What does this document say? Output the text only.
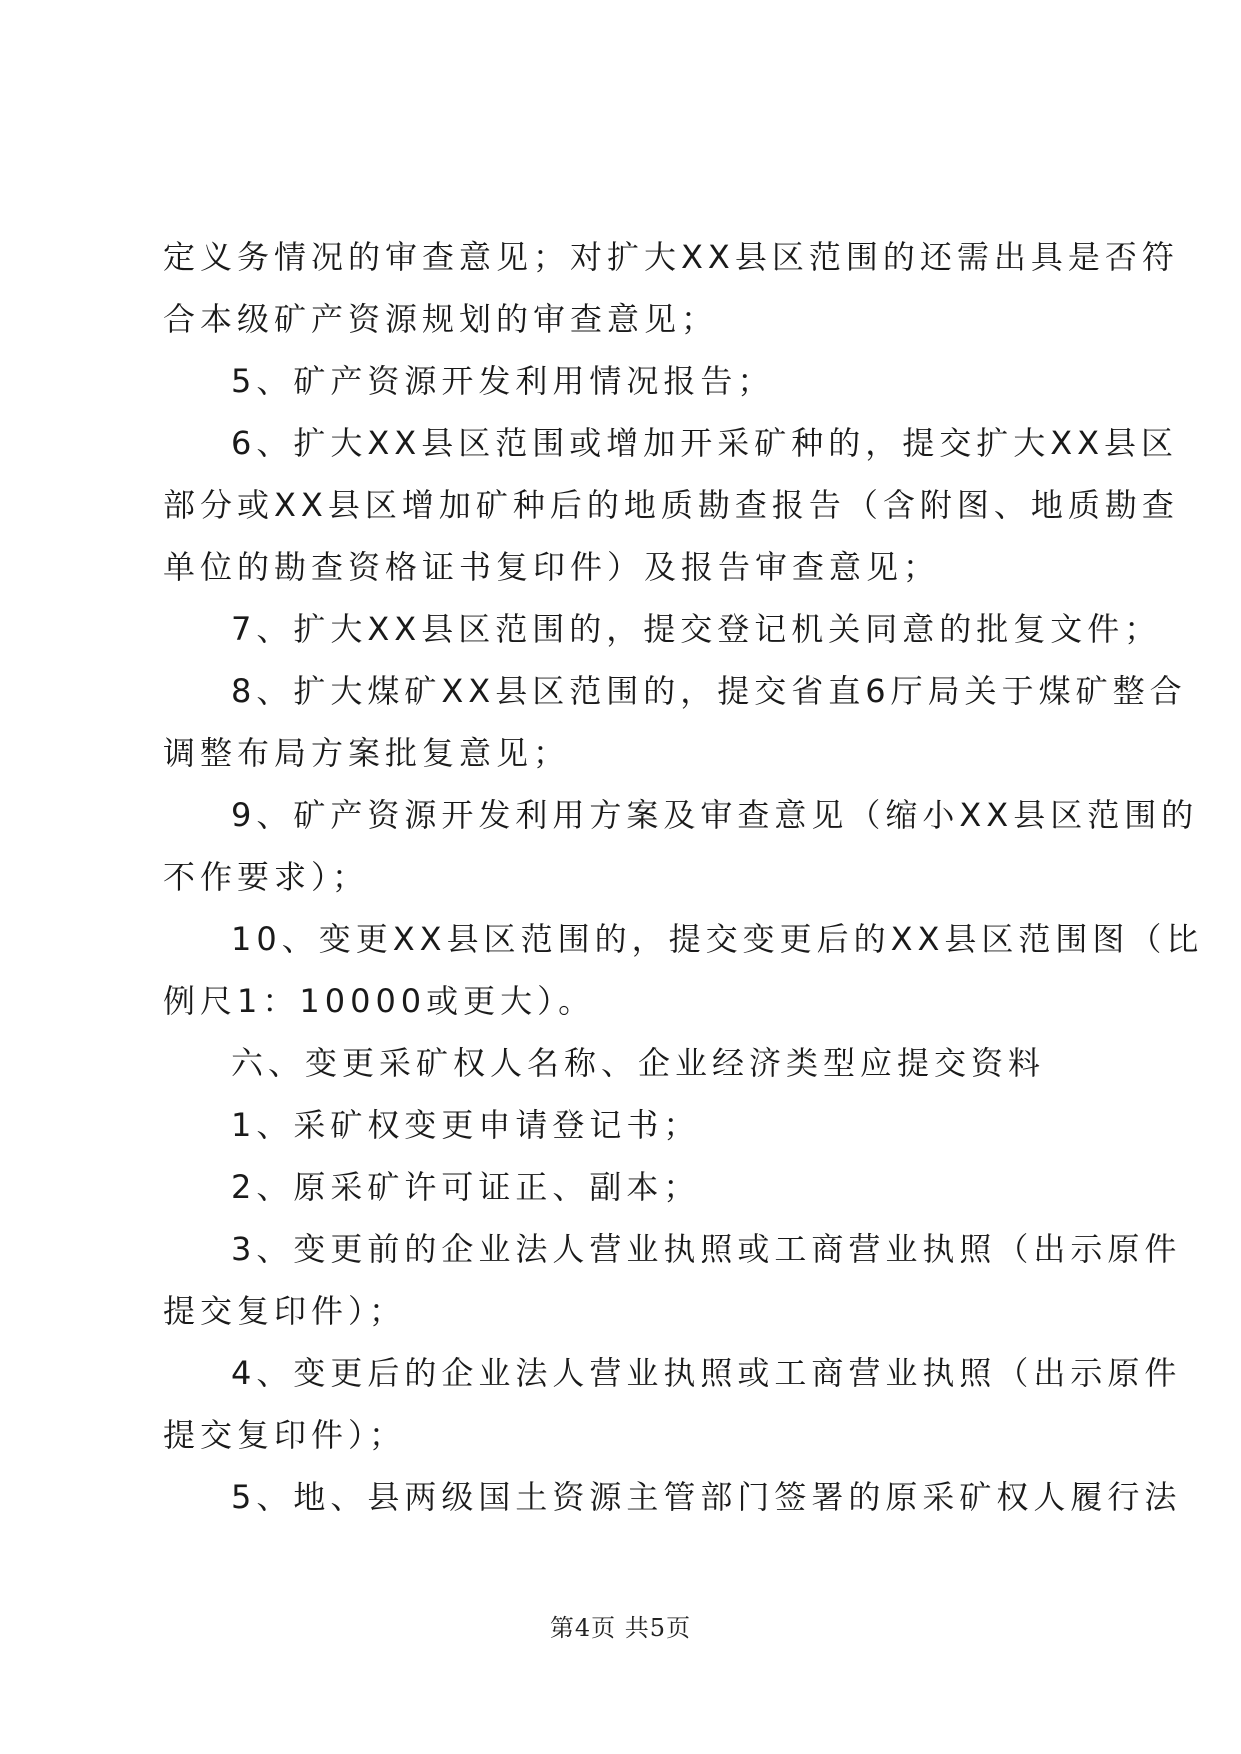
定义务情况的审查意见；对扩大XX县区范围的还需出具是否符
合本级矿产资源规划的审查意见；
5、矿产资源开发利用情况报告；
6、扩大XX县区范围或增加开采矿种的，提交扩大XX县区
部分或XX县区增加矿种后的地质勘查报告（含附图、地质勘查
单位的勘查资格证书复印件）及报告审查意见；
7、扩大XX县区范围的，提交登记机关同意的批复文件；
8、扩大煤矿XX县区范围的，提交省直6厅局关于煤矿整合
调整布局方案批复意见；
9、矿产资源开发利用方案及审查意见（缩小XX县区范围的
不作要求）；
10、变更XX县区范围的，提交变更后的XX县区范围图（比
例尺1：10000或更大）。
六、变更采矿权人名称、企业经济类型应提交资料
1、采矿权变更申请登记书；
2、原采矿许可证正、副本；
3、变更前的企业法人营业执照或工商营业执照（出示原件
提交复印件）；
4、变更后的企业法人营业执照或工商营业执照（出示原件
提交复印件）；
5、地、县两级国土资源主管部门签署的原采矿权人履行法
第4页 共5页
